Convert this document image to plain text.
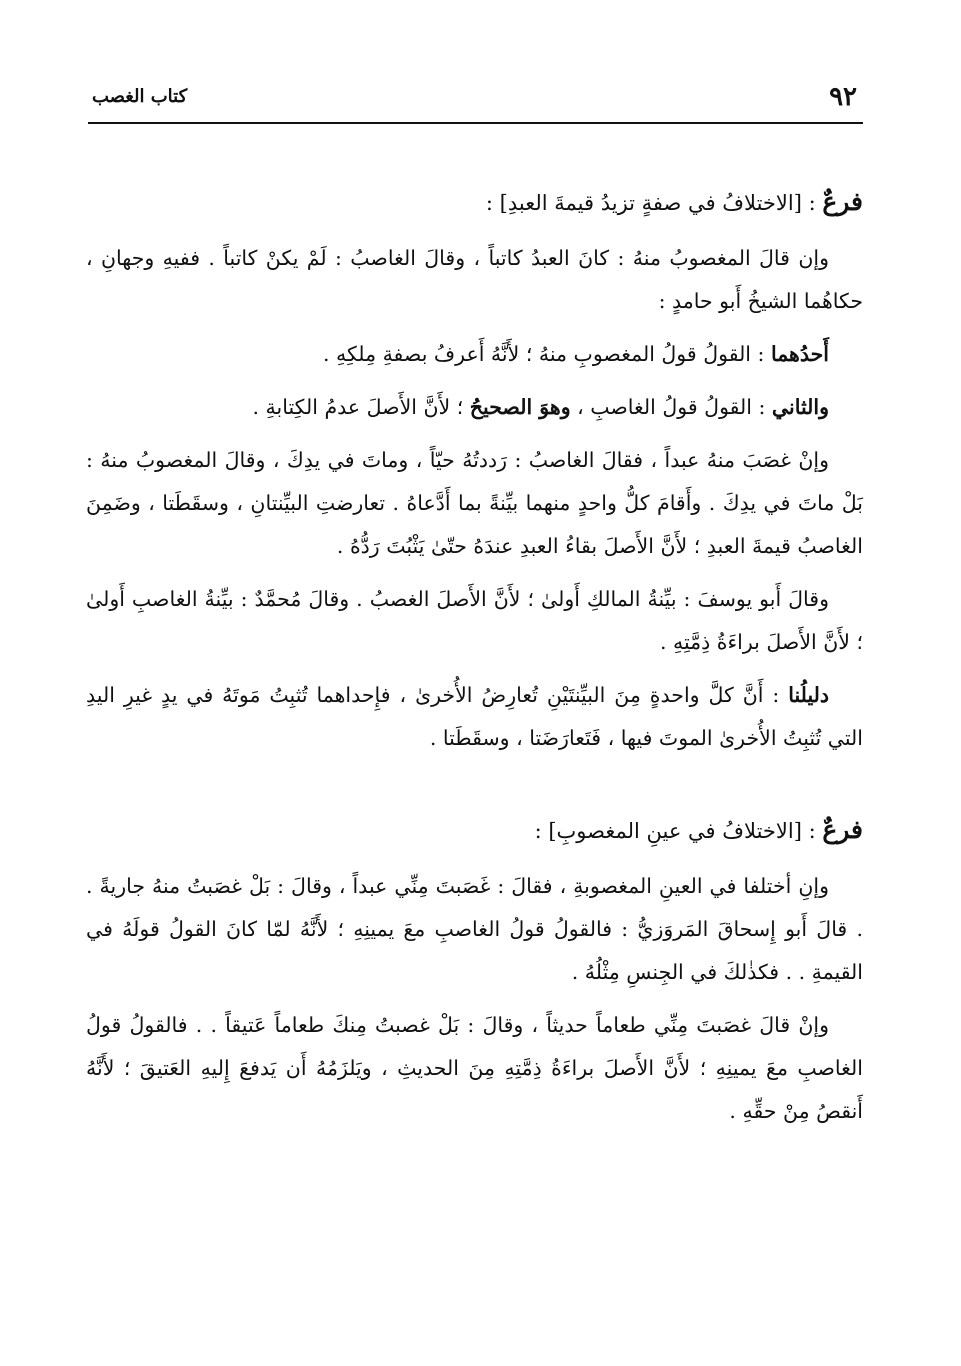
٩٢
كتاب الغصب
فرعٌ : [الاختلافُ في صفةٍ تزيدُ قيمةَ العبدِ] :

وإن قالَ المغصوبُ منهُ : كانَ العبدُ كاتباً ، وقالَ الغاصبُ : لَمْ يكنْ كاتباً . ففيهِ وجهانِ ، حكاهُما الشيخُ أَبو حامدٍ :

أَحدُهما : القولُ قولُ المغصوبِ منهُ ؛ لأَنَّهُ أَعرفُ بصفةِ مِلكِهِ .

والثاني : القولُ قولُ الغاصبِ ، وهوَ الصحيحُ ؛ لأَنَّ الأَصلَ عدمُ الكِتابةِ .

وإنْ غصَبَ منهُ عبداً ، فقالَ الغاصبُ : رَددتُهُ حيّاً ، وماتَ في يدِكَ ، وقالَ المغصوبُ منهُ : بَلْ ماتَ في يدِكَ . وأَقامَ كلُّ واحدٍ منهما بيِّنةً بما أَدَّعاهُ . تعارضتِ البيِّنتانِ ، وسقَطَتا ، وضَمِنَ الغاصبُ قيمةَ العبدِ ؛ لأَنَّ الأَصلَ بقاءُ العبدِ عندَهُ حتّىٰ يَثْبُتَ رَدُّهُ .

وقالَ أَبو يوسفَ : بيِّنةُ المالكِ أَولىٰ ؛ لأَنَّ الأَصلَ الغصبُ . وقالَ مُحمَّدٌ : بيِّنةُ الغاصبِ أَولىٰ ؛ لأَنَّ الأَصلَ براءَةُ ذِمَّتِهِ .

دليلُنا : أَنَّ كلَّ واحدةٍ مِنَ البيِّنتَيْنِ تُعارِضُ الأُخرىٰ ، فإِحداهما تُثبِتُ مَوتَهُ في يدٍ غيرِ اليدِ التي تُثبِتُ الأُخرىٰ الموتَ فيها ، فَتَعارَضَتا ، وسقَطَتا .

فرعٌ : [الاختلافُ في عينِ المغصوبِ] :

وإنِ أختلفا في العينِ المغصوبةِ ، فقالَ : غَصَبتَ مِنِّي عبداً ، وقالَ : بَلْ غصَبتُ منهُ جاريةً . . قالَ أَبو إِسحاقَ المَروَزيُّ : فالقولُ قولُ الغاصبِ معَ يمينِهِ ؛ لأَنَّهُ لمّا كانَ القولُ قولَهُ في القيمةِ . . فكذٰلكَ في الجِنسِ مِثْلُهُ .

وإنْ قالَ غصَبتَ مِنِّي طعاماً حديثاً ، وقالَ : بَلْ غصبتُ مِنكَ طعاماً عَتيقاً . . فالقولُ قولُ الغاصبِ معَ يمينِهِ ؛ لأَنَّ الأَصلَ براءَةُ ذِمَّتِهِ مِنَ الحديثِ ، ويَلزَمُهُ أَن يَدفعَ إِليهِ العَتيقَ ؛ لأَنَّهُ أَنقصُ مِنْ حقِّهِ .
